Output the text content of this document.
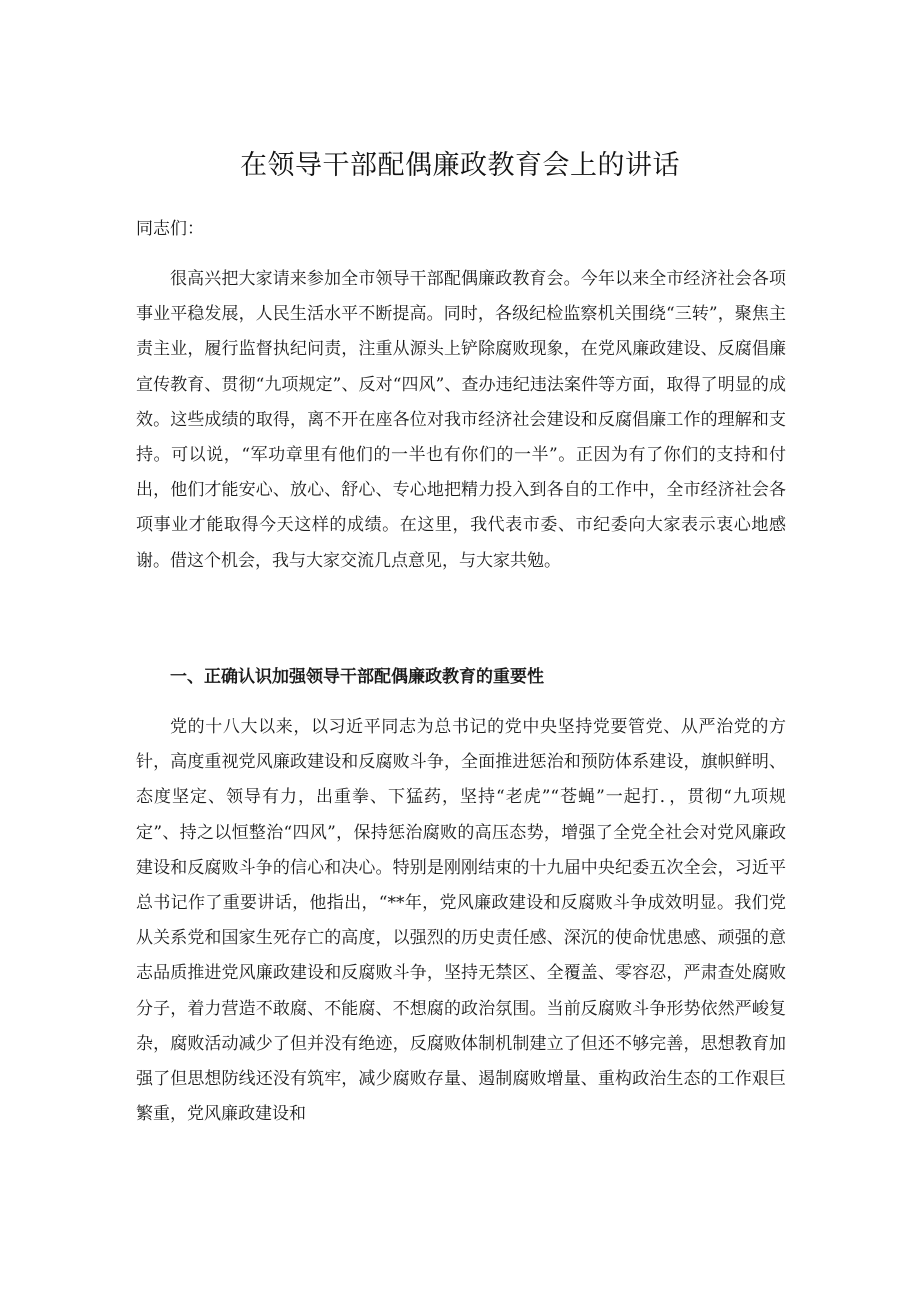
在领导干部配偶廉政教育会上的讲话

同志们：

很高兴把大家请来参加全市领导干部配偶廉政教育会。今年以来全市经济社会各项事业平稳发展，人民生活水平不断提高。同时，各级纪检监察机关围绕“三转”，聚焦主责主业，履行监督执纪问责，注重从源头上铲除腐败现象，在党风廉政建设、反腐倡廉宣传教育、贯彻“九项规定”、反对“四风”、查办违纪违法案件等方面，取得了明显的成效。这些成绩的取得，离不开在座各位对我市经济社会建设和反腐倡廉工作的理解和支持。可以说，“军功章里有他们的一半也有你们的一半”。正因为有了你们的支持和付出，他们才能安心、放心、舒心、专心地把精力投入到各自的工作中，全市经济社会各项事业才能取得今天这样的成绩。在这里，我代表市委、市纪委向大家表示衷心地感谢。借这个机会，我与大家交流几点意见，与大家共勉。

一、正确认识加强领导干部配偶廉政教育的重要性

党的十八大以来，以习近平同志为总书记的党中央坚持党要管党、从严治党的方针，高度重视党风廉政建设和反腐败斗争，全面推进惩治和预防体系建设，旗帜鲜明、态度坚定、领导有力，出重拳、下猛药，坚持“老虎”“苍蝇”一起打．，贯彻“九项规定”、持之以恒整治“四风”，保持惩治腐败的高压态势，增强了全党全社会对党风廉政建设和反腐败斗争的信心和决心。特别是刚刚结束的十九届中央纪委五次全会，习近平总书记作了重要讲话，他指出，“**年，党风廉政建设和反腐败斗争成效明显。我们党从关系党和国家生死存亡的高度，以强烈的历史责任感、深沉的使命忧患感、顽强的意志品质推进党风廉政建设和反腐败斗争，坚持无禁区、全覆盖、零容忍，严肃查处腐败分子，着力营造不敢腐、不能腐、不想腐的政治氛围。当前反腐败斗争形势依然严峻复杂，腐败活动减少了但并没有绝迹，反腐败体制机制建立了但还不够完善，思想教育加强了但思想防线还没有筑牢，减少腐败存量、遏制腐败增量、重构政治生态的工作艰巨繁重，党风廉政建设和
